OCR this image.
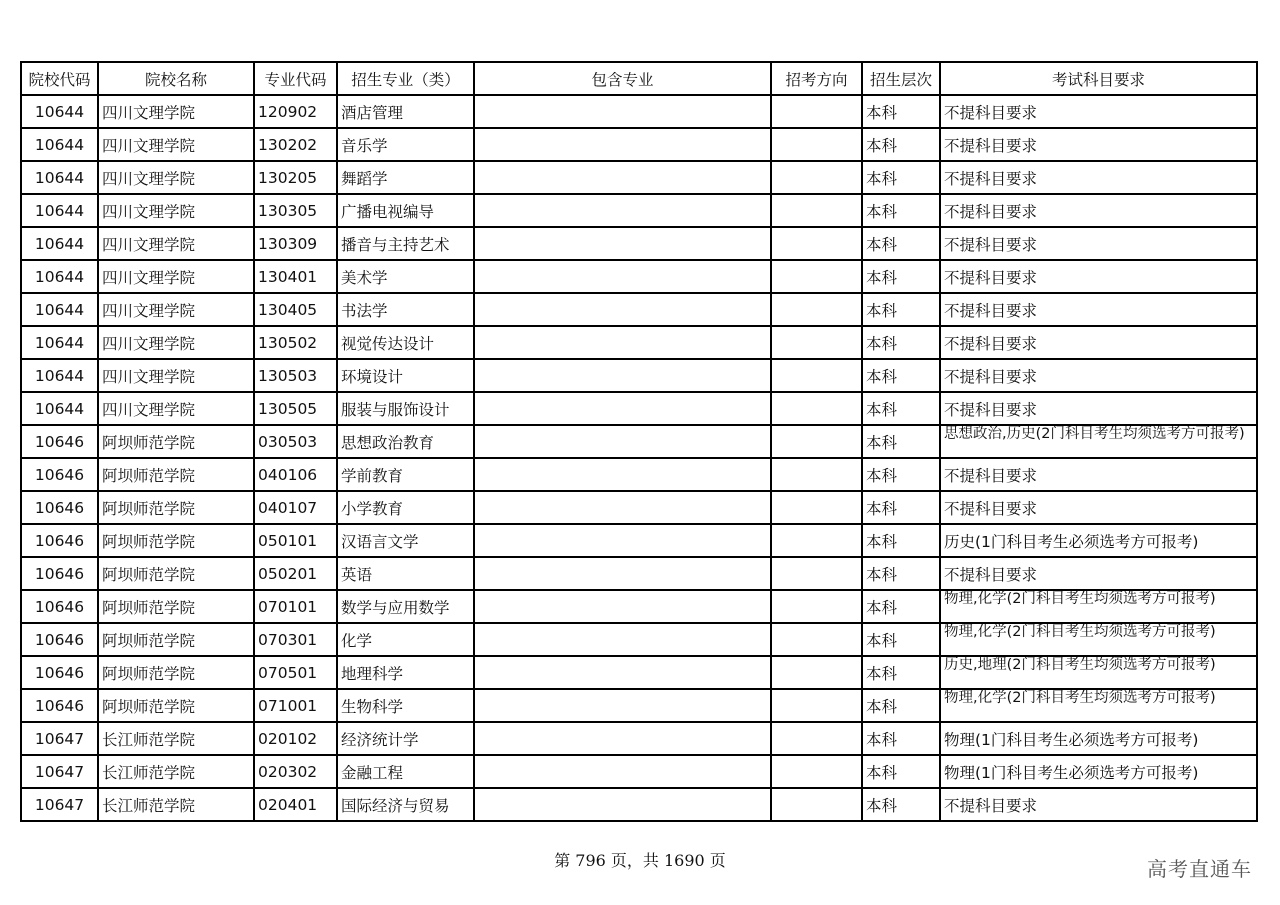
院校代码	院校名称	专业代码	招生专业（类）	包含专业	招考方向	招生层次	考试科目要求
10644	四川文理学院	120902	酒店管理			本科	不提科目要求
10644	四川文理学院	130202	音乐学			本科	不提科目要求
10644	四川文理学院	130205	舞蹈学			本科	不提科目要求
10644	四川文理学院	130305	广播电视编导			本科	不提科目要求
10644	四川文理学院	130309	播音与主持艺术			本科	不提科目要求
10644	四川文理学院	130401	美术学			本科	不提科目要求
10644	四川文理学院	130405	书法学			本科	不提科目要求
10644	四川文理学院	130502	视觉传达设计			本科	不提科目要求
10644	四川文理学院	130503	环境设计			本科	不提科目要求
10644	四川文理学院	130505	服装与服饰设计			本科	不提科目要求
10646	阿坝师范学院	030503	思想政治教育			本科	思想政治,历史(2门科目考生均须选考方可报考)
10646	阿坝师范学院	040106	学前教育			本科	不提科目要求
10646	阿坝师范学院	040107	小学教育			本科	不提科目要求
10646	阿坝师范学院	050101	汉语言文学			本科	历史(1门科目考生必须选考方可报考)
10646	阿坝师范学院	050201	英语			本科	不提科目要求
10646	阿坝师范学院	070101	数学与应用数学			本科	物理,化学(2门科目考生均须选考方可报考)
10646	阿坝师范学院	070301	化学			本科	物理,化学(2门科目考生均须选考方可报考)
10646	阿坝师范学院	070501	地理科学			本科	历史,地理(2门科目考生均须选考方可报考)
10646	阿坝师范学院	071001	生物科学			本科	物理,化学(2门科目考生均须选考方可报考)
10647	长江师范学院	020102	经济统计学			本科	物理(1门科目考生必须选考方可报考)
10647	长江师范学院	020302	金融工程			本科	物理(1门科目考生必须选考方可报考)
10647	长江师范学院	020401	国际经济与贸易			本科	不提科目要求
第 796 页，共 1690 页	高考直通车
